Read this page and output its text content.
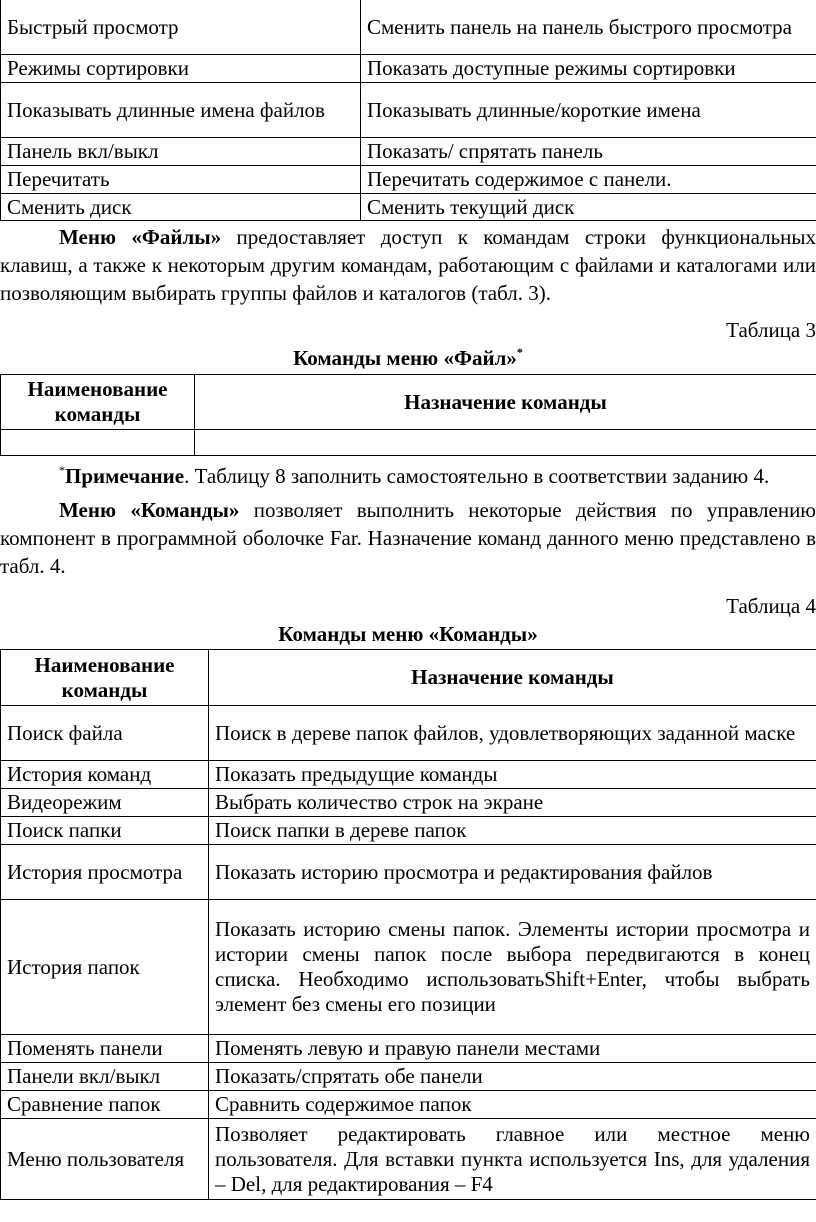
Быстрый просмотр	Сменить панель на панель быстрого просмотра
Режимы сортировки	Показать доступные режимы сортировки
Показывать длинные имена файлов	Показывать длинные/короткие имена
Панель вкл/выкл	Показать/ спрятать панель
Перечитать	Перечитать содержимое с панели.
Сменить диск	Сменить текущий диск

Меню «Файлы» предоставляет доступ к командам строки функциональных клавиш, а также к некоторым другим командам, работающим с файлами и каталогами или позволяющим выбирать группы файлов и каталогов (табл. 3).

Таблица 3

Команды меню «Файл»*

Наименование команды	Назначение команды

*Примечание. Таблицу 8 заполнить самостоятельно в соответствии заданию 4.

Меню «Команды» позволяет выполнить некоторые действия по управлению компонент в программной оболочке Far. Назначение команд данного меню представлено в табл. 4.

Таблица 4

Команды меню «Команды»

Наименование команды	Назначение команды
Поиск файла	Поиск в дереве папок файлов, удовлетворяющих заданной маске
История команд	Показать предыдущие команды
Видеорежим	Выбрать количество строк на экране
Поиск папки	Поиск папки в дереве папок
История просмотра	Показать историю просмотра и редактирования файлов
История папок	Показать историю смены папок. Элементы истории просмотра и истории смены папок после выбора передвигаются в конец списка. Необходимо использоватьShift+Enter, чтобы выбрать элемент без смены его позиции
Поменять панели	Поменять левую и правую панели местами
Панели вкл/выкл	Показать/спрятать обе панели
Сравнение папок	Сравнить содержимое папок
Меню пользователя	Позволяет редактировать главное или местное меню пользователя. Для вставки пункта используется Ins, для удаления – Del, для редактирования – F4
